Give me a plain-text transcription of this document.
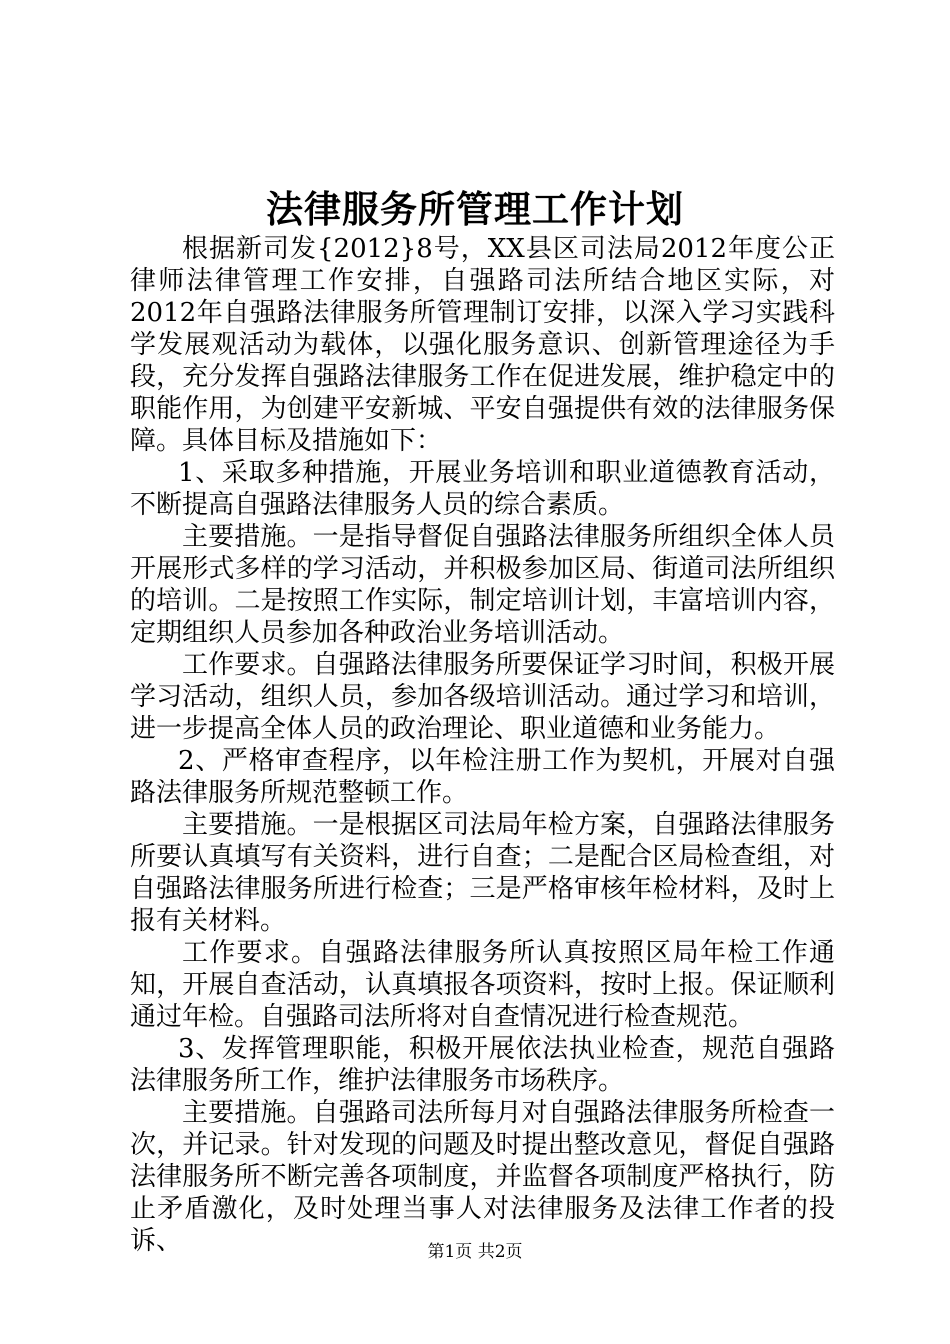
法律服务所管理工作计划

根据新司发{2012}8号，XX县区司法局2012年度公正律师法律管理工作安排，自强路司法所结合地区实际，对2012年自强路法律服务所管理制订安排，以深入学习实践科学发展观活动为载体，以强化服务意识、创新管理途径为手段，充分发挥自强路法律服务工作在促进发展，维护稳定中的职能作用，为创建平安新城、平安自强提供有效的法律服务保障。具体目标及措施如下：

1、采取多种措施，开展业务培训和职业道德教育活动，不断提高自强路法律服务人员的综合素质。

主要措施。一是指导督促自强路法律服务所组织全体人员开展形式多样的学习活动，并积极参加区局、街道司法所组织的培训。二是按照工作实际，制定培训计划，丰富培训内容，定期组织人员参加各种政治业务培训活动。

工作要求。自强路法律服务所要保证学习时间，积极开展学习活动，组织人员，参加各级培训活动。通过学习和培训，进一步提高全体人员的政治理论、职业道德和业务能力。

2、严格审查程序，以年检注册工作为契机，开展对自强路法律服务所规范整顿工作。

主要措施。一是根据区司法局年检方案，自强路法律服务所要认真填写有关资料，进行自查；二是配合区局检查组，对自强路法律服务所进行检查；三是严格审核年检材料，及时上报有关材料。

工作要求。自强路法律服务所认真按照区局年检工作通知，开展自查活动，认真填报各项资料，按时上报。保证顺利通过年检。自强路司法所将对自查情况进行检查规范。

3、发挥管理职能，积极开展依法执业检查，规范自强路法律服务所工作，维护法律服务市场秩序。

主要措施。自强路司法所每月对自强路法律服务所检查一次，并记录。针对发现的问题及时提出整改意见，督促自强路法律服务所不断完善各项制度，并监督各项制度严格执行，防止矛盾激化，及时处理当事人对法律服务及法律工作者的投诉、	第1页 共2页
